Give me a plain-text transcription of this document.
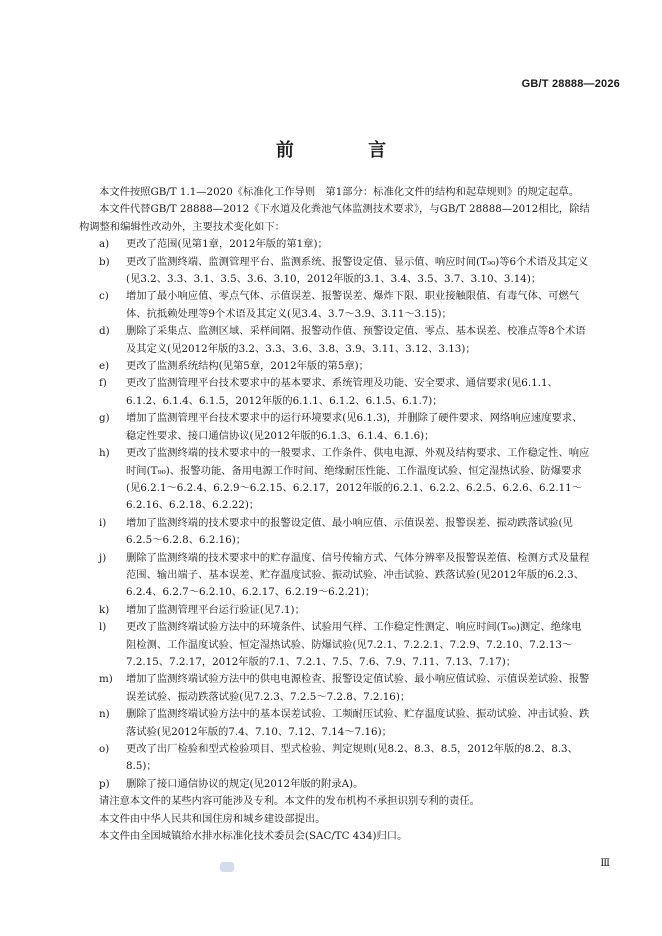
GB/T 28888—2026
前 言

本文件按照GB/T 1.1—2020《标准化工作导则　第1部分：标准化文件的结构和起草规则》的规定起草。

本文件代替GB/T 28888—2012《下水道及化粪池气体监测技术要求》，与GB/T 28888—2012相比，除结构调整和编辑性改动外，主要技术变化如下：

a)	更改了范围(见第1章，2012年版的第1章)；
b)	更改了监测终端、监测管理平台、监测系统、报警设定值、显示值、响应时间(T₉₀)等6个术语及其定义(见3.2、3.3、3.1、3.5、3.6、3.10，2012年版的3.1、3.4、3.5、3.7、3.10、3.14)；
c)	增加了最小响应值、零点气体、示值误差、报警误差、爆炸下限、职业接触限值、有毒气体、可燃气体、抗抵赖处理等9个术语及其定义(见3.4、3.7～3.9、3.11～3.15)；
d)	删除了采集点、监测区域、采样间隔、报警动作值、预警设定值、零点、基本误差、校准点等8个术语及其定义(见2012年版的3.2、3.3、3.6、3.8、3.9、3.11、3.12、3.13)；
e)	更改了监测系统结构(见第5章，2012年版的第5章)；
f)	更改了监测管理平台技术要求中的基本要求、系统管理及功能、安全要求、通信要求(见6.1.1、6.1.2、6.1.4、6.1.5，2012年版的6.1.1、6.1.2、6.1.5、6.1.7)；
g)	增加了监测管理平台技术要求中的运行环境要求(见6.1.3)，并删除了硬件要求、网络响应速度要求、稳定性要求、接口通信协议(见2012年版的6.1.3、6.1.4、6.1.6)；
h)	更改了监测终端的技术要求中的一般要求、工作条件、供电电源、外观及结构要求、工作稳定性、响应时间(T₉₀)、报警功能、备用电源工作时间、绝缘耐压性能、工作温度试验、恒定湿热试验、防爆要求(见6.2.1～6.2.4、6.2.9～6.2.15、6.2.17，2012年版的6.2.1、6.2.2、6.2.5、6.2.6、6.2.11～6.2.16、6.2.18、6.2.22)；
i)	增加了监测终端的技术要求中的报警设定值、最小响应值、示值误差、报警误差、振动跌落试验(见6.2.5～6.2.8、6.2.16)；
j)	删除了监测终端的技术要求中的贮存温度、信号传输方式、气体分辨率及报警误差值、检测方式及量程范围、输出端子、基本误差、贮存温度试验、振动试验、冲击试验、跌落试验(见2012年版的6.2.3、6.2.4、6.2.7～6.2.10、6.2.17、6.2.19～6.2.21)；
k)	增加了监测管理平台运行验证(见7.1)；
l)	更改了监测终端试验方法中的环境条件、试验用气样、工作稳定性测定、响应时间(T₉₀)测定、绝缘电阻检测、工作温度试验、恒定湿热试验、防爆试验(见7.2.1、7.2.2.1、7.2.9、7.2.10、7.2.13～7.2.15、7.2.17，2012年版的7.1、7.2.1、7.5、7.6、7.9、7.11、7.13、7.17)；
m)	增加了监测终端试验方法中的供电电源检查、报警设定值试验、最小响应值试验、示值误差试验、报警误差试验、振动跌落试验(见7.2.3、7.2.5～7.2.8、7.2.16)；
n)	删除了监测终端试验方法中的基本误差试验、工频耐压试验、贮存温度试验、振动试验、冲击试验、跌落试验(见2012年版的7.4、7.10、7.12、7.14～7.16)；
o)	更改了出厂检验和型式检验项目、型式检验、判定规则(见8.2、8.3、8.5，2012年版的8.2、8.3、8.5)；
p)	删除了接口通信协议的规定(见2012年版的附录A)。

请注意本文件的某些内容可能涉及专利。本文件的发布机构不承担识别专利的责任。

本文件由中华人民共和国住房和城乡建设部提出。

本文件由全国城镇给水排水标准化技术委员会(SAC/TC 434)归口。

Ⅲ
